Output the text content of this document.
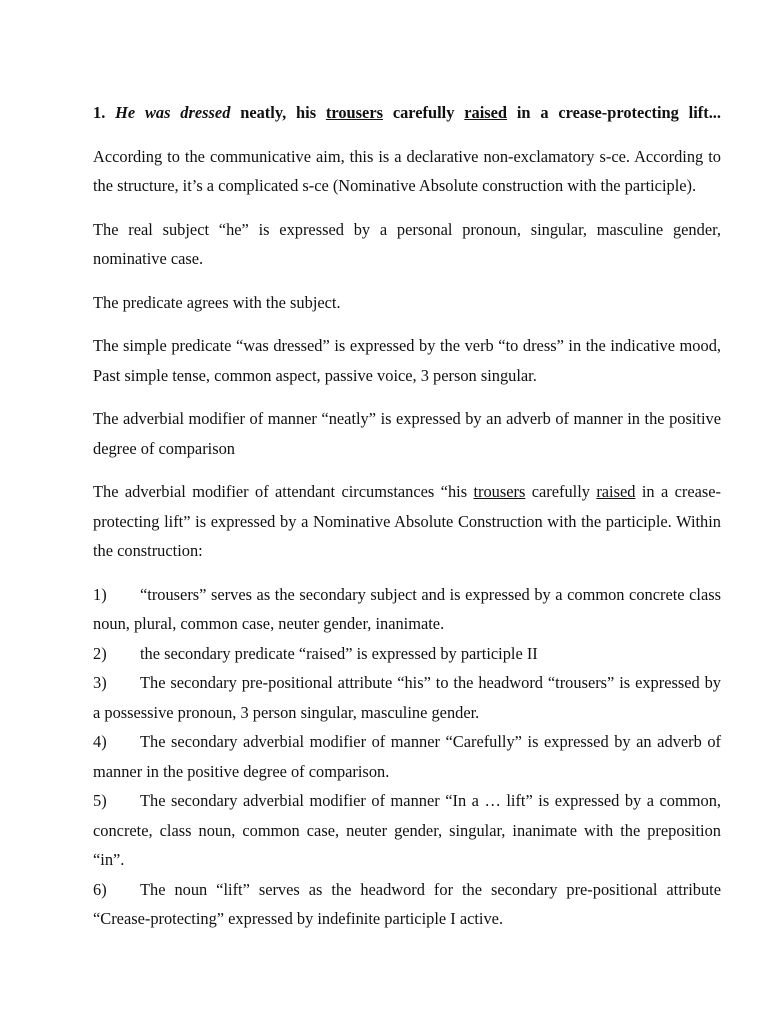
1. He was dressed neatly, his trousers carefully raised in a crease-protecting lift...

According to the communicative aim, this is a declarative non-exclamatory s-ce. According to the structure, it’s a complicated s-ce (Nominative Absolute construction with the participle).

The real subject “he” is expressed by a personal pronoun, singular, masculine gender, nominative case.

The predicate agrees with the subject.

The simple predicate “was dressed” is expressed by the verb “to dress” in the indicative mood, Past simple tense, common aspect, passive voice, 3 person singular.

The adverbial modifier of manner “neatly” is expressed by an adverb of manner in the positive degree of comparison

The adverbial modifier of attendant circumstances “his trousers carefully raised in a crease-protecting lift” is expressed by a Nominative Absolute Construction with the participle. Within the construction:

1) “trousers” serves as the secondary subject and is expressed by a common concrete class noun, plural, common case, neuter gender, inanimate.
2) the secondary predicate “raised” is expressed by participle II
3) The secondary pre-positional attribute “his” to the headword “trousers” is expressed by a possessive pronoun, 3 person singular, masculine gender.
4) The secondary adverbial modifier of manner “Carefully” is expressed by an adverb of manner in the positive degree of comparison.
5) The secondary adverbial modifier of manner “In a … lift” is expressed by a common, concrete, class noun, common case, neuter gender, singular, inanimate with the preposition “in”.
6) The noun “lift” serves as the headword for the secondary pre-positional attribute “Crease-protecting” expressed by indefinite participle I active.
